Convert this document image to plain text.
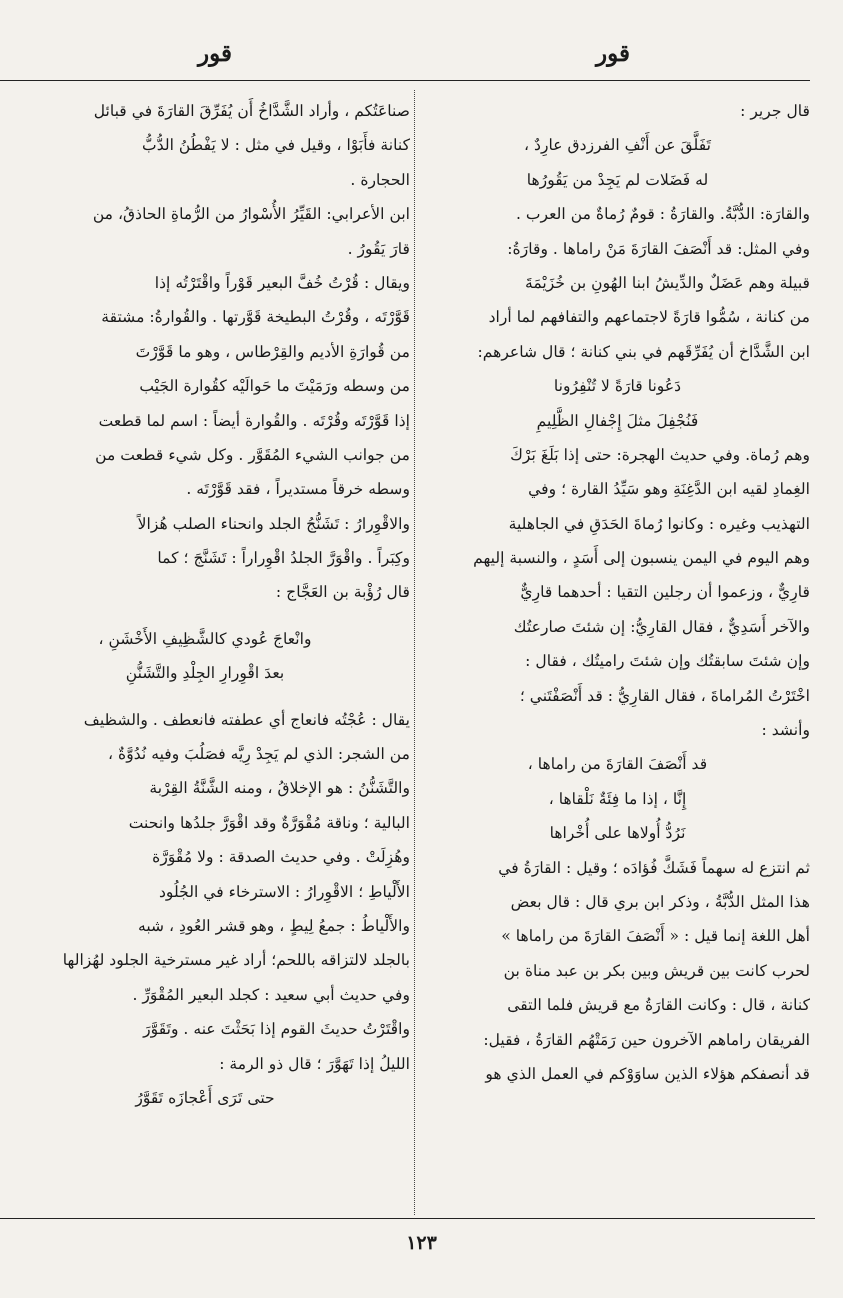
قور
قور
قال جرير :
تَفَلَّقَ عن أَنْفِ الفرزدق عارِدٌ ،
له فَضَلات لم يَجِدْ من يَقُورُها
والقارَة: الدُّبَّةُ. والقارَةُ : قومٌ رُماةٌ من العرب .
وفي المثل: قد أَنْصَفَ القارَةَ مَنْ راماها . وقارَةُ:
قبيلة وهم عَضَلٌ والدِّيشُ ابنا الهُونِ بن خُزَيْمَةَ
من كنانة ، سُمُّوا قارَةً لاجتماعهم والتفافهم لما أراد
ابن الشَّدَّاخ أن يُفَرِّقَهم في بني كنانة ؛ قال شاعرهم:
دَعُونا قارَةً لا تُنْفِرُونا
فَنُجْفِلَ مثلَ إِجْفالِ الظَّلِيمِ
وهم رُماة. وفي حديث الهجرة: حتى إذا بَلَغَ بَرْكَ
الغِمادِ لقيه ابن الدَّغِنَةِ وهو سَيِّدُ القارة ؛ وفي
التهذيب وغيره : وكانوا رُماةَ الحَدَقِ في الجاهلية
وهم اليوم في اليمن ينسبون إلى أَسَدٍ ، والنسبة إليهم
قارِيٌّ ، وزعموا أن رجلين التقيا : أحدهما قارِيٌّ
والآخر أَسَدِيٌّ ، فقال القارِيُّ: إن شئتَ صارعتُك
وإن شئتَ سابقتُك وإن شئتَ راميتُك ، فقال :
اخْتَرْتُ المُراماةَ ، فقال القارِيُّ : قد أَنْصَفْتَني ؛
وأنشد :
قد أَنْصَفَ القارَةَ من راماها ،
إِنَّا ، إذا ما فِئَةٌ نَلْقاها ،
نَرُدُّ أُولاها على أُخْراها
ثم انتزع له سهماً فَشَكَّ فُؤادَه ؛ وقيل : القارَةُ في
هذا المثل الدُّبَّةُ ، وذكر ابن بري قال : قال بعض
أهل اللغة إنما قيل : « أَنْصَفَ القارَةَ من راماها »
لحرب كانت بين قريش وبين بكر بن عبد مناة بن
كنانة ، قال : وكانت القارَةُ مع قريش فلما التقى
الفريقان راماهم الآخرون حين رَمَتْهُم القارَةُ ، فقيل:
قد أنصفكم هؤلاء الذين ساوَوْكم في العمل الذي هو
صناعَتُكم ، وأراد الشَّدَّاخُ أَن يُفَرِّقَ القارَةَ في قبائل
كنانة فأَبَوْا ، وقيل في مثل : لا يَفْطُنُ الدُّبُّ
الحجارة .
ابن الأعرابي: القَيِّرُ الأُسْوارُ من الرُّماةِ الحاذقُ، من
قارَ يَقُورُ .
ويقال : قُرْتُ خُفَّ البعير قَوْراً واقْتَرْتُه إذا
قَوَّرْتَه ، وقُرْتُ البطيخة قَوَّرتها . والقُوارةُ: مشتقة
من قُوارَةِ الأديم والقِرْطاس ، وهو ما قَوَّرْتَ
من وسطه ورَمَيْتَ ما حَوالَيْه كقُوارة الجَيْب
إذا قَوَّرْتَه وقُرْتَه . والقُوارة أيضاً : اسم لما قطعت
من جوانب الشيء المُقَوَّر . وكل شيء قطعت من
وسطه خرقاً مستديراً ، فقد قَوَّرْتَه .
والاقْوِرارُ : تَشَنُّجُ الجلد وانحناء الصلب هُزالاً
وكِبَراً . واقْوَرَّ الجلدُ اقْوِراراً : تَشَنَّجَ ؛ كما
قال رُؤْبة بن العَجَّاج :
وانْعاجَ عُودي كالشَّظِيفِ الأَخْشَنِ ،
بعدَ اقْوِرارِ الجِلْدِ والتَّشَنُّنِ
يقال : عُجْتُه فانعاج أي عطفته فانعطف . والشظيف
من الشجر: الذي لم يَجِدْ رِيَّه فصَلُبَ وفيه نُدُوَّةٌ ،
والتَّشَنُّنُ : هو الإخلاقُ ، ومنه الشَّنَّةُ القِرْبة
البالية ؛ وناقة مُقْوَرَّةٌ وقد اقْوَرَّ جلدُها وانحنت
وهُزِلَتْ . وفي حديث الصدقة : ولا مُقْوَرَّة
الأَلْياطِ ؛ الاقْوِرارُ : الاسترخاء في الجُلُود
والأَلْياطُ : جمعُ لِيطٍ ، وهو قشر العُودِ ، شبه
بالجلد لالتزاقه باللحم؛ أراد غير مسترخية الجلود لهُزالها
وفي حديث أبي سعيد : كجلد البعير المُقْوَرِّ .
واقْتَرْتُ حديثَ القوم إذا بَحَثْتَ عنه . وتَقَوَّرَ
الليلُ إذا تَهَوَّرَ ؛ قال ذو الرمة :
حتى تَرَى أَعْجازَه تَقَوَّرُ
١٢٣
